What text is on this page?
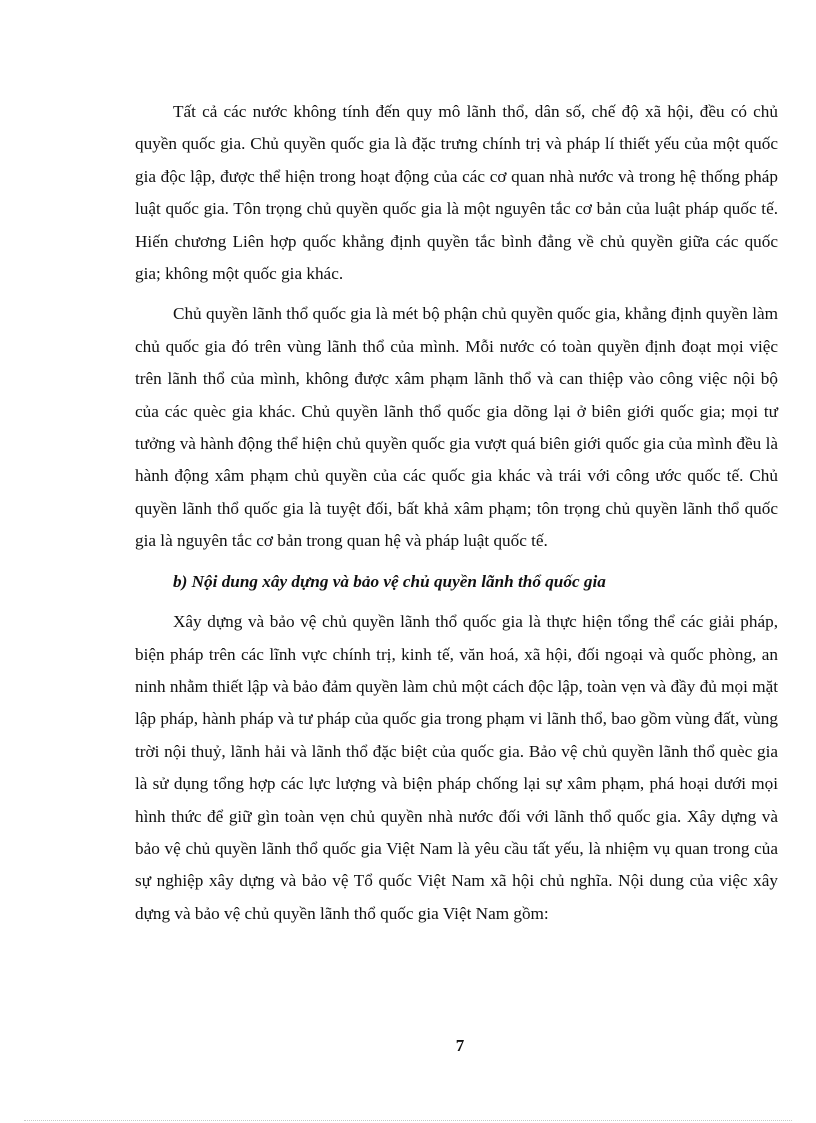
Tất cả các nước không tính đến quy mô lãnh thổ, dân số, chế độ xã hội, đều có chủ quyền quốc gia. Chủ quyền quốc gia là đặc trưng chính trị và pháp lí thiết yếu của một quốc gia độc lập, được thể hiện trong hoạt động của các cơ quan nhà nước và trong hệ thống pháp luật quốc gia. Tôn trọng chủ quyền quốc gia là một nguyên tắc cơ bản của luật pháp quốc tế. Hiến chương Liên hợp quốc khẳng định quyền tắc bình đẳng về chủ quyền giữa các quốc gia; không một quốc gia khác.

Chủ quyền lãnh thổ quốc gia là mét bộ phận chủ quyền quốc gia, khẳng định quyền làm chủ quốc gia đó trên vùng lãnh thổ của mình. Mỗi nước có toàn quyền định đoạt mọi việc trên lãnh thổ của mình, không được xâm phạm lãnh thổ và can thiệp vào công việc nội bộ của các quèc gia khác. Chủ quyền lãnh thổ quốc gia dõng lại ở biên giới quốc gia; mọi tư tưởng và hành động thể hiện chủ quyền quốc gia vượt quá biên giới quốc gia của mình đều là hành động xâm phạm chủ quyền của các quốc gia khác và trái với công ước quốc tế. Chủ quyền lãnh thổ quốc gia là tuyệt đối, bất khả xâm phạm; tôn trọng chủ quyền lãnh thổ quốc gia là nguyên tắc cơ bản trong quan hệ và pháp luật quốc tế.

b) Nội dung xây dựng và bảo vệ chủ quyền lãnh thổ quốc gia

Xây dựng và bảo vệ chủ quyền lãnh thổ quốc gia là thực hiện tổng thể các giải pháp, biện pháp trên các lĩnh vực chính trị, kinh tế, văn hoá, xã hội, đối ngoại và quốc phòng, an ninh nhằm thiết lập và bảo đảm quyền làm chủ một cách độc lập, toàn vẹn và đầy đủ mọi mặt lập pháp, hành pháp và tư pháp của quốc gia trong phạm vi lãnh thổ, bao gồm vùng đất, vùng trời nội thuỷ, lãnh hải và lãnh thổ đặc biệt của quốc gia. Bảo vệ chủ quyền lãnh thổ quèc gia là sử dụng tổng hợp các lực lượng và biện pháp chống lại sự xâm phạm, phá hoại dưới mọi hình thức để giữ gìn toàn vẹn chủ quyền nhà nước đối với lãnh thổ quốc gia. Xây dựng và bảo vệ chủ quyền lãnh thổ quốc gia Việt Nam là yêu cầu tất yếu, là nhiệm vụ quan trong của sự nghiệp xây dựng và bảo vệ Tổ quốc Việt Nam xã hội chủ nghĩa. Nội dung của việc xây dựng và bảo vệ chủ quyền lãnh thổ quốc gia Việt Nam gồm:

7
